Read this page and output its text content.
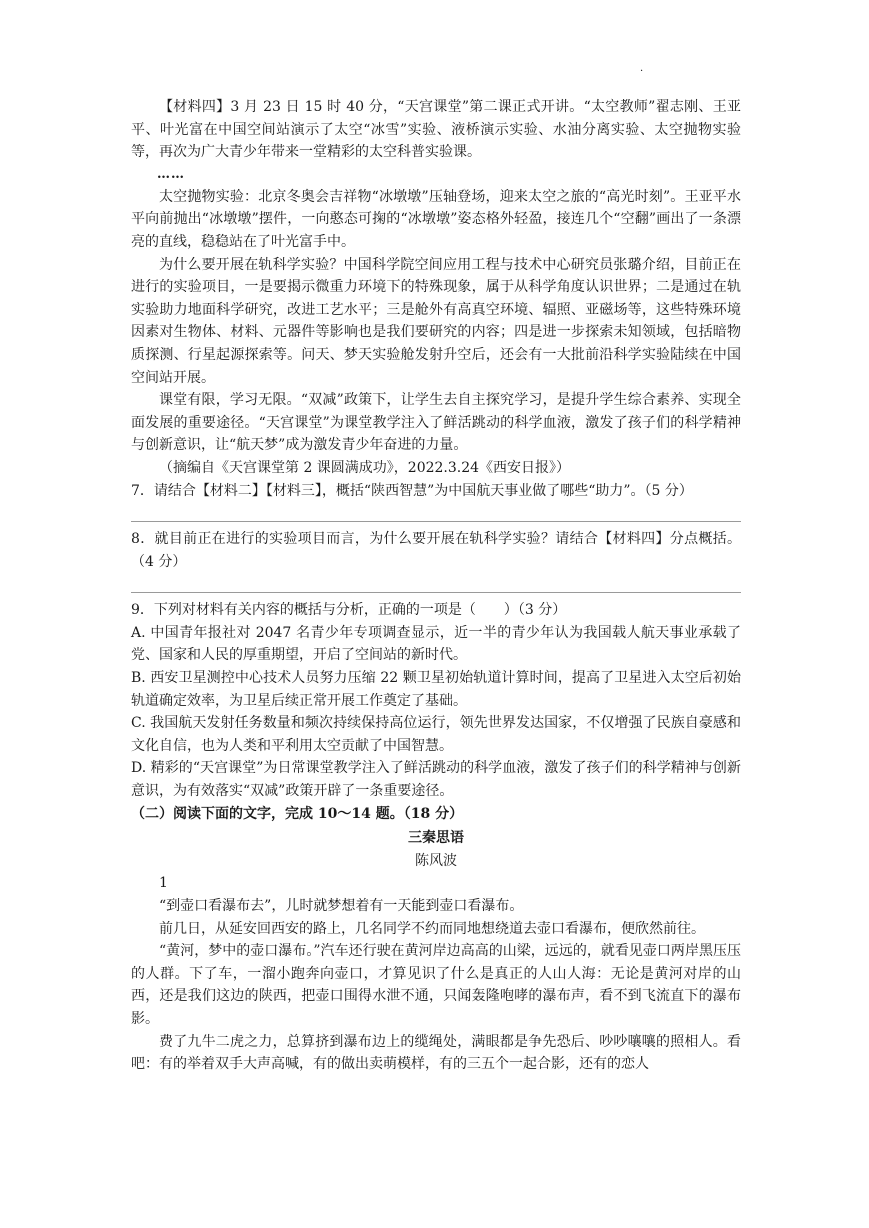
·

【材料四】3 月 23 日 15 时 40 分，“天宫课堂”第二课正式开讲。“太空教师”翟志刚、王亚平、叶光富在中国空间站演示了太空“冰雪”实验、液桥演示实验、水油分离实验、太空抛物实验等，再次为广大青少年带来一堂精彩的太空科普实验课。

……

太空抛物实验：北京冬奥会吉祥物“冰墩墩”压轴登场，迎来太空之旅的“高光时刻”。王亚平水平向前抛出“冰墩墩”摆件，一向憨态可掬的“冰墩墩”姿态格外轻盈，接连几个“空翻”画出了一条漂亮的直线，稳稳站在了叶光富手中。

为什么要开展在轨科学实验？中国科学院空间应用工程与技术中心研究员张璐介绍，目前正在进行的实验项目，一是要揭示微重力环境下的特殊现象，属于从科学角度认识世界；二是通过在轨实验助力地面科学研究，改进工艺水平；三是舱外有高真空环境、辐照、亚磁场等，这些特殊环境因素对生物体、材料、元器件等影响也是我们要研究的内容；四是进一步探索未知领域，包括暗物质探测、行星起源探索等。问天、梦天实验舱发射升空后，还会有一大批前沿科学实验陆续在中国空间站开展。

课堂有限，学习无限。“双减”政策下，让学生去自主探究学习，是提升学生综合素养、实现全面发展的重要途径。“天宫课堂”为课堂教学注入了鲜活跳动的科学血液，激发了孩子们的科学精神与创新意识，让“航天梦”成为激发青少年奋进的力量。

（摘编自《天宫课堂第 2 课圆满成功》，2022.3.24《西安日报》）

7．请结合【材料二】【材料三】，概括“陕西智慧”为中国航天事业做了哪些“助力”。（5 分）

8．就目前正在进行的实验项目而言，为什么要开展在轨科学实验？请结合【材料四】分点概括。（4 分）

9．下列对材料有关内容的概括与分析，正确的一项是（　　）（3 分）

A. 中国青年报社对 2047 名青少年专项调查显示，近一半的青少年认为我国载人航天事业承载了党、国家和人民的厚重期望，开启了空间站的新时代。

B. 西安卫星测控中心技术人员努力压缩 22 颗卫星初始轨道计算时间，提高了卫星进入太空后初始轨道确定效率，为卫星后续正常开展工作奠定了基础。

C. 我国航天发射任务数量和频次持续保持高位运行，领先世界发达国家，不仅增强了民族自豪感和文化自信，也为人类和平利用太空贡献了中国智慧。

D. 精彩的“天宫课堂”为日常课堂教学注入了鲜活跳动的科学血液，激发了孩子们的科学精神与创新意识，为有效落实“双减”政策开辟了一条重要途径。

（二）阅读下面的文字，完成 10～14 题。（18 分）

三秦思语

陈风波

1

“到壶口看瀑布去”，儿时就梦想着有一天能到壶口看瀑布。

前几日，从延安回西安的路上，几名同学不约而同地想绕道去壶口看瀑布，便欣然前往。

“黄河，梦中的壶口瀑布。”汽车还行驶在黄河岸边高高的山梁，远远的，就看见壶口两岸黑压压的人群。下了车，一溜小跑奔向壶口，才算见识了什么是真正的人山人海：无论是黄河对岸的山西，还是我们这边的陕西，把壶口围得水泄不通，只闻轰隆咆哮的瀑布声，看不到飞流直下的瀑布影。

费了九牛二虎之力，总算挤到瀑布边上的缆绳处，满眼都是争先恐后、吵吵嚷嚷的照相人。看吧：有的举着双手大声高喊，有的做出卖萌模样，有的三五个一起合影，还有的恋人
